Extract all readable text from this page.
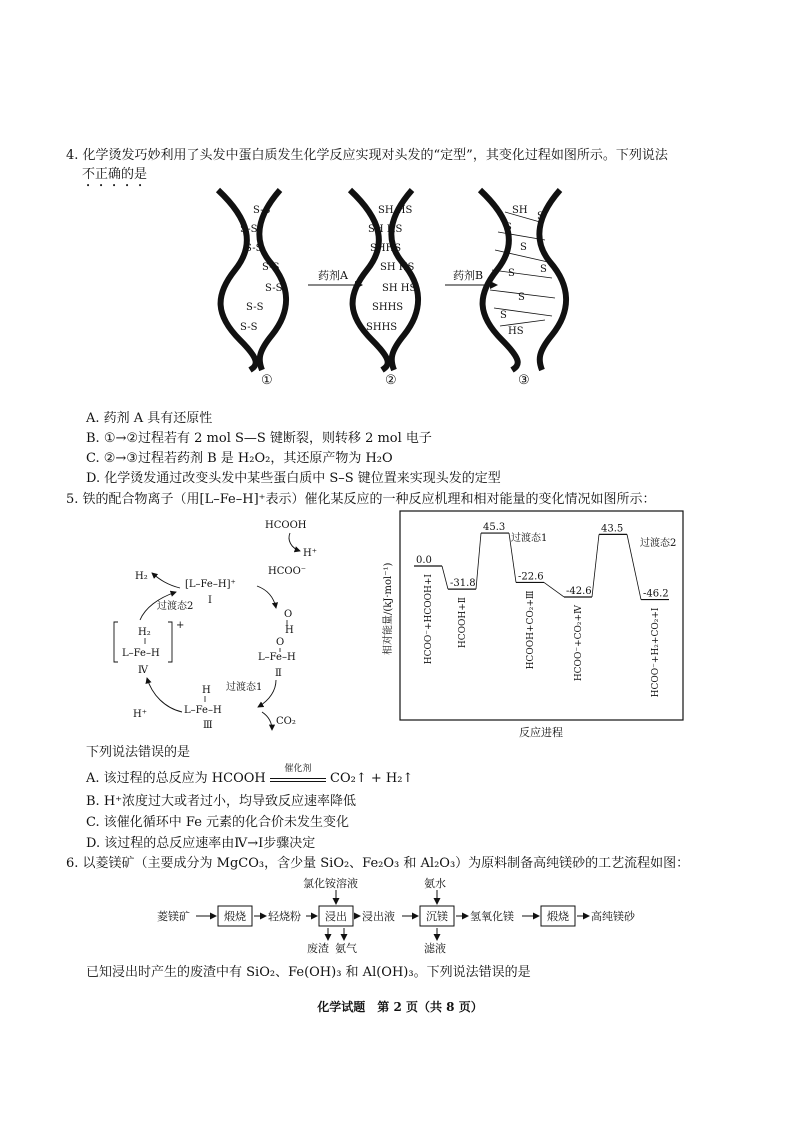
4. 化学烫发巧妙利用了头发中蛋白质发生化学反应实现对头发的“定型”，其变化过程如图所示。下列说法
不正确的是
S-S
S-S
S-S
S-S
S-S
S-S
S-S
药剂A
SH HS
SH HS
SHHS
SH HS
SH HS
SHHS
SHHS
药剂B
SH
S
S
S
S
S
S
S
HS
①	②	③
A. 药剂 A 具有还原性
B. ①→②过程若有 2 mol S—S 键断裂，则转移 2 mol 电子
C. ②→③过程若药剂 B 是 H₂O₂，其还原产物为 H₂O
D. 化学烫发通过改变头发中某些蛋白质中 S–S 键位置来实现头发的定型
5. 铁的配合物离子（用[L–Fe–H]⁺表示）催化某反应的一种反应机理和相对能量的变化情况如图所示：
HCOOH
H⁺
H₂
[L–Fe–H]⁺
Ⅰ
HCOO⁻
过渡态2
+
H₂
L–Fe–H
Ⅳ
O
H
O
L–Fe–H
Ⅱ
过渡态1
H
L–Fe–H
Ⅲ
H⁺
CO₂
相对能量/(kJ·mol⁻¹)
反应进程
0.0
-31.8
45.3
-22.6
-42.6
43.5
-46.2
过渡态1	过渡态2
HCOO⁻+HCOOH+Ⅰ	HCOOH+Ⅱ	HCOOH+CO₂+Ⅲ	HCOO⁻+CO₂+Ⅳ	HCOO⁻+H₂+CO₂+Ⅰ
下列说法错误的是
A. 该过程的总反应为 HCOOH
催化剂
CO₂↑ + H₂↑
B. H⁺浓度过大或者过小，均导致反应速率降低
C. 该催化循环中 Fe 元素的化合价未发生变化
D. 该过程的总反应速率由Ⅳ→Ⅰ步骤决定
6. 以菱镁矿（主要成分为 MgCO₃，含少量 SiO₂、Fe₂O₃ 和 Al₂O₃）为原料制备高纯镁砂的工艺流程如图：
氯化铵溶液	氨水
菱镁矿	煅烧 轻烧粉 浸出 浸出液	沉镁 氢氧化镁	煅烧 高纯镁砂
废渣 氨气	滤液
已知浸出时产生的废渣中有 SiO₂、Fe(OH)₃ 和 Al(OH)₃。下列说法错误的是
化学试题　第 2 页（共 8 页）
